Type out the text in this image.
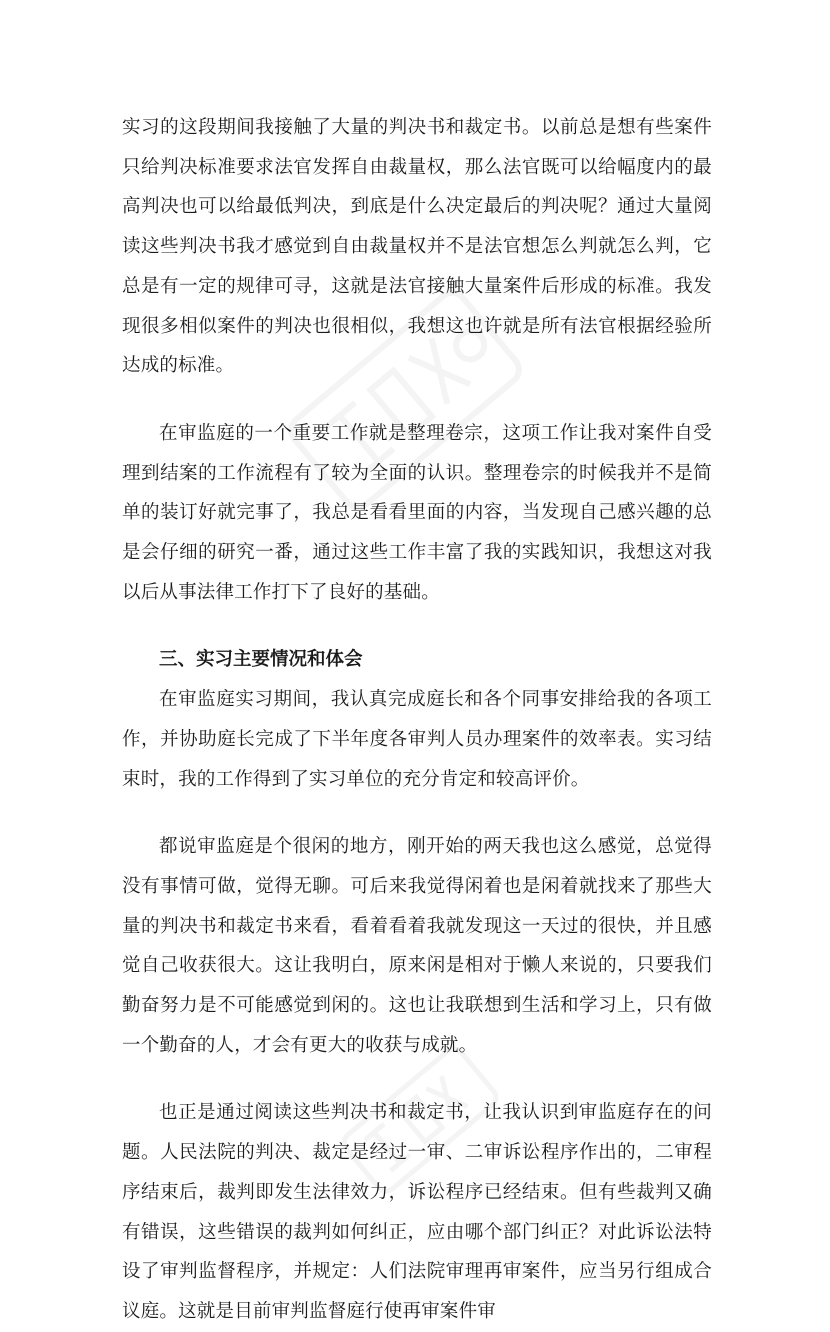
实习的这段期间我接触了大量的判决书和裁定书。以前总是想有些案件只给判决标准要求法官发挥自由裁量权，那么法官既可以给幅度内的最高判决也可以给最低判决，到底是什么决定最后的判决呢？通过大量阅读这些判决书我才感觉到自由裁量权并不是法官想怎么判就怎么判，它总是有一定的规律可寻，这就是法官接触大量案件后形成的标准。我发现很多相似案件的判决也很相似，我想这也许就是所有法官根据经验所达成的标准。

在审监庭的一个重要工作就是整理卷宗，这项工作让我对案件自受理到结案的工作流程有了较为全面的认识。整理卷宗的时候我并不是简单的装订好就完事了，我总是看看里面的内容，当发现自己感兴趣的总是会仔细的研究一番，通过这些工作丰富了我的实践知识，我想这对我以后从事法律工作打下了良好的基础。

三、实习主要情况和体会

在审监庭实习期间，我认真完成庭长和各个同事安排给我的各项工作，并协助庭长完成了下半年度各审判人员办理案件的效率表。实习结束时，我的工作得到了实习单位的充分肯定和较高评价。

都说审监庭是个很闲的地方，刚开始的两天我也这么感觉，总觉得没有事情可做，觉得无聊。可后来我觉得闲着也是闲着就找来了那些大量的判决书和裁定书来看，看着看着我就发现这一天过的很快，并且感觉自己收获很大。这让我明白，原来闲是相对于懒人来说的，只要我们勤奋努力是不可能感觉到闲的。这也让我联想到生活和学习上，只有做一个勤奋的人，才会有更大的收获与成就。

也正是通过阅读这些判决书和裁定书，让我认识到审监庭存在的问题。人民法院的判决、裁定是经过一审、二审诉讼程序作出的，二审程序结束后，裁判即发生法律效力，诉讼程序已经结束。但有些裁判又确有错误，这些错误的裁判如何纠正，应由哪个部门纠正？对此诉讼法特设了审判监督程序，并规定：人们法院审理再审案件，应当另行组成合议庭。这就是目前审判监督庭行使再审案件审
